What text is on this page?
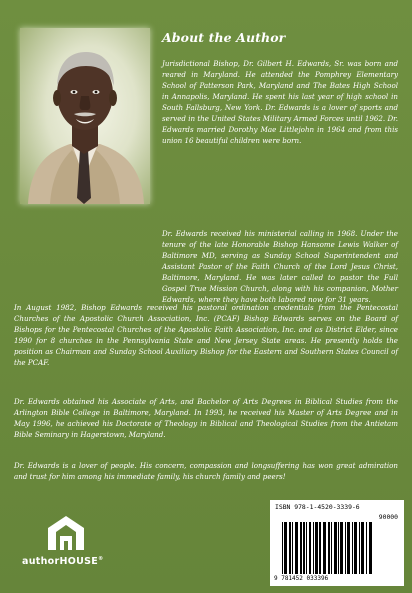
About the Author

Jurisdictional Bishop, Dr. Gilbert H. Edwards, Sr. was born and reared in Maryland. He attended the Pomphrey Elementary School of Patterson Park, Maryland and The Bates High School in Annapolis, Maryland. He spent his last year of high school in South Fallsburg, New York. Dr. Edwards is a lover of sports and served in the United States Military Armed Forces until 1962. Dr. Edwards married Dorothy Mae Littlejohn in 1964 and from this union 16 beautiful children were born.

Dr. Edwards received his ministerial calling in 1968. Under the tenure of the late Honorable Bishop Hansome Lewis Walker of Baltimore MD, serving as Sunday School Superintendent and Assistant Pastor of the Faith Church of the Lord Jesus Christ, Baltimore, Maryland. He was later called to pastor the Full Gospel True Mission Church, along with his companion, Mother Edwards, where they have both labored now for 31 years.

In August 1982, Bishop Edwards received his pastoral ordination credentials from the Pentecostal Churches of the Apostolic Church Association, Inc. (PCAF) Bishop Edwards serves on the Board of Bishops for the Pentecostal Churches of the Apostolic Faith Association, Inc. and as District Elder, since 1990 for 8 churches in the Pennsylvania State and New Jersey State areas. He presently holds the position as Chairman and Sunday School Auxiliary Bishop for the Eastern and Southern States Council of the PCAF.

Dr. Edwards obtained his Associate of Arts, and Bachelor of Arts Degrees in Biblical Studies from the Arlington Bible College in Baltimore, Maryland. In 1993, he received his Master of Arts Degree and in May 1996, he achieved his Doctorate of Theology in Biblical and Theological Studies from the Antietam Bible Seminary in Hagerstown, Maryland.

Dr. Edwards is a lover of people. His concern, compassion and longsuffering has won great admiration and trust for him among his immediate family, his church family and peers!

authorHOUSE®
ISBN 978-1-4520-3339-6
90000
9 781452 033396
